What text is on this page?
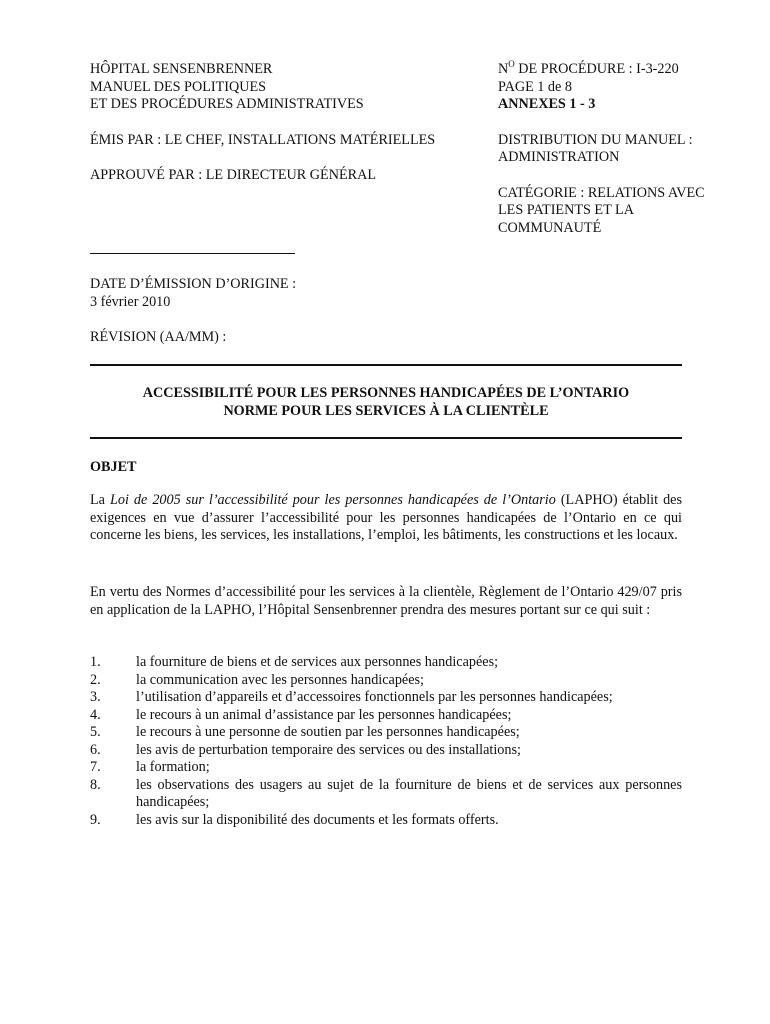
HÔPITAL SENSENBRENNER
MANUEL DES POLITIQUES
ET DES PROCÉDURES ADMINISTRATIVES
ÉMIS PAR : LE CHEF, INSTALLATIONS MATÉRIELLES
APPROUVÉ PAR : LE DIRECTEUR GÉNÉRAL
DATE D’ÉMISSION D’ORIGINE :
3 février 2010
RÉVISION (AA/MM) :
$N^O$ DE PROCÉDURE : I-3-220
PAGE 1 de 8
ANNEXES 1 - 3
DISTRIBUTION DU MANUEL :
ADMINISTRATION
CATÉGORIE : RELATIONS AVEC
LES PATIENTS ET LA
COMMUNAUTÉ
ACCESSIBILITÉ POUR LES PERSONNES HANDICAPÉES DE L’ONTARIO
NORME POUR LES SERVICES À LA CLIENTÈLE
OBJET
La Loi de 2005 sur l’accessibilité pour les personnes handicapées de l’Ontario (LAPHO) établit des exigences en vue d’assurer l’accessibilité pour les personnes handicapées de l’Ontario en ce qui concerne les biens, les services, les installations, l’emploi, les bâtiments, les constructions et les locaux.
En vertu des Normes d’accessibilité pour les services à la clientèle, Règlement de l’Ontario 429/07 pris en application de la LAPHO, l’Hôpital Sensenbrenner prendra des mesures portant sur ce qui suit :
1. la fourniture de biens et de services aux personnes handicapées;
2. la communication avec les personnes handicapées;
3. l’utilisation d’appareils et d’accessoires fonctionnels par les personnes handicapées;
4. le recours à un animal d’assistance par les personnes handicapées;
5. le recours à une personne de soutien par les personnes handicapées;
6. les avis de perturbation temporaire des services ou des installations;
7. la formation;
8. les observations des usagers au sujet de la fourniture de biens et de services aux personnes handicapées;
9. les avis sur la disponibilité des documents et les formats offerts.
